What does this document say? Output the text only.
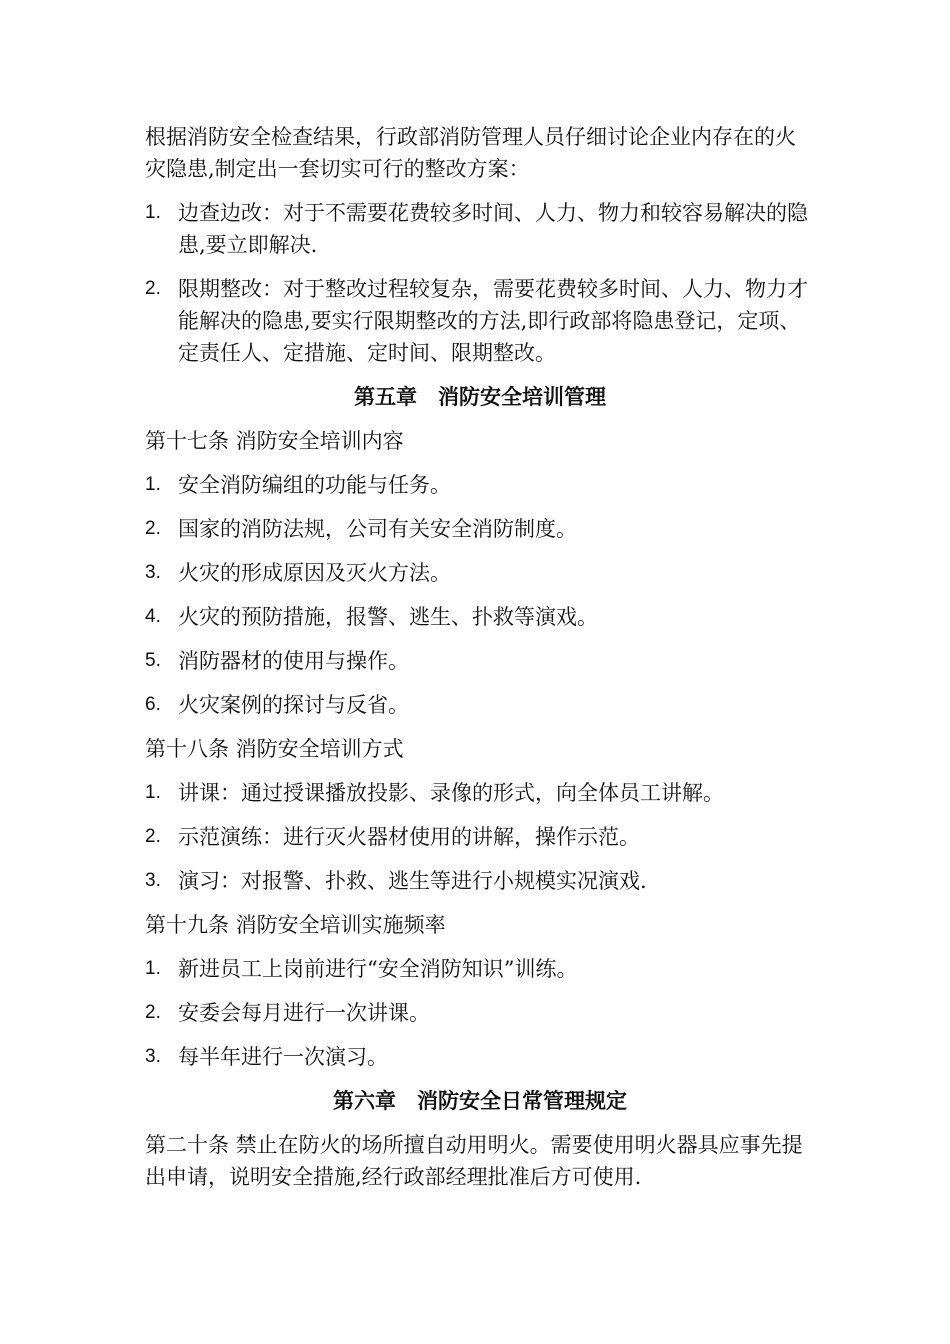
根据消防安全检查结果，行政部消防管理人员仔细讨论企业内存在的火灾隐患,制定出一套切实可行的整改方案：

1. 边查边改：对于不需要花费较多时间、人力、物力和较容易解决的隐患,要立即解决.
2. 限期整改：对于整改过程较复杂，需要花费较多时间、人力、物力才能解决的隐患,要实行限期整改的方法,即行政部将隐患登记，定项、定责任人、定措施、定时间、限期整改。
第五章　消防安全培训管理
第十七条 消防安全培训内容
1. 安全消防编组的功能与任务。
2. 国家的消防法规，公司有关安全消防制度。
3. 火灾的形成原因及灭火方法。
4. 火灾的预防措施，报警、逃生、扑救等演戏。
5. 消防器材的使用与操作。
6. 火灾案例的探讨与反省。
第十八条 消防安全培训方式
1. 讲课：通过授课播放投影、录像的形式，向全体员工讲解。
2. 示范演练：进行灭火器材使用的讲解，操作示范。
3. 演习：对报警、扑救、逃生等进行小规模实况演戏.
第十九条 消防安全培训实施频率
1. 新进员工上岗前进行“安全消防知识”训练。
2. 安委会每月进行一次讲课。
3. 每半年进行一次演习。
第六章　消防安全日常管理规定

第二十条 禁止在防火的场所擅自动用明火。需要使用明火器具应事先提出申请，说明安全措施,经行政部经理批准后方可使用.
